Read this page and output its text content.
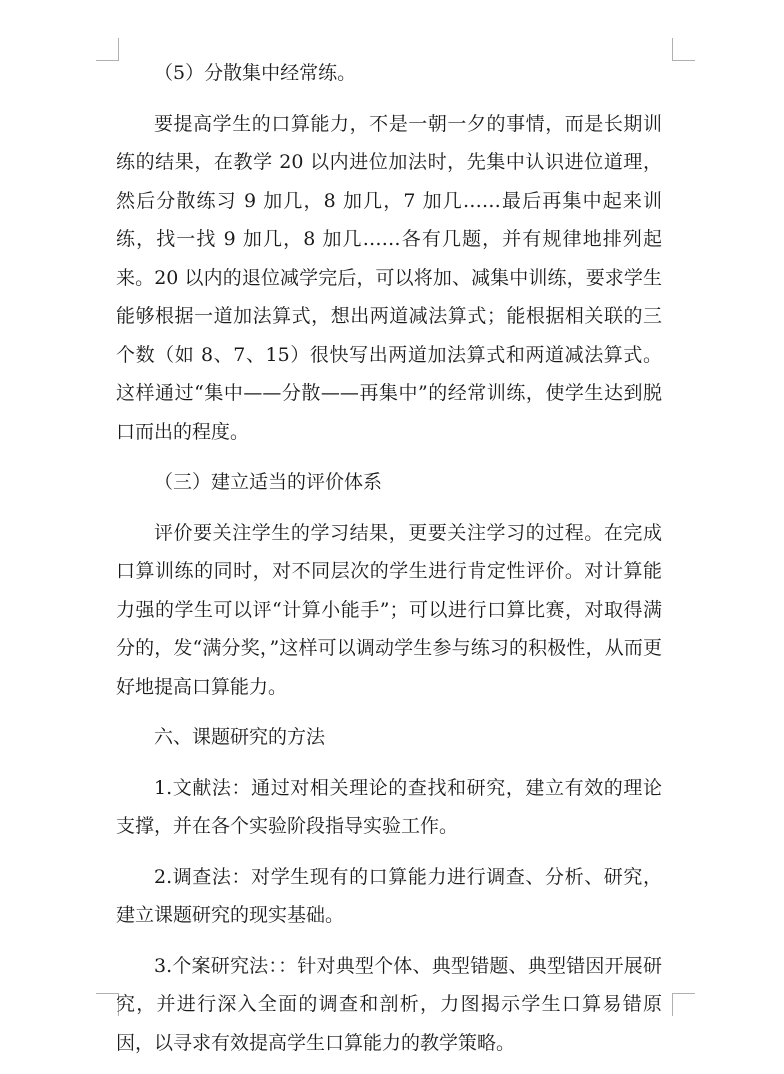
（5）分散集中经常练。

要提高学生的口算能力，不是一朝一夕的事情，而是长期训练的结果，在教学 20 以内进位加法时，先集中认识进位道理，然后分散练习 9 加几，8 加几，7 加几……最后再集中起来训练，找一找 9 加几，8 加几……各有几题，并有规律地排列起来。20 以内的退位减学完后，可以将加、减集中训练，要求学生能够根据一道加法算式，想出两道减法算式；能根据相关联的三个数（如 8、7、15）很快写出两道加法算式和两道减法算式。这样通过“集中——分散——再集中”的经常训练，使学生达到脱口而出的程度。

（三）建立适当的评价体系

评价要关注学生的学习结果，更要关注学习的过程。在完成口算训练的同时，对不同层次的学生进行肯定性评价。对计算能力强的学生可以评“计算小能手”；可以进行口算比赛，对取得满分的，发“满分奖，”这样可以调动学生参与练习的积极性，从而更好地提高口算能力。

六、课题研究的方法

1.文献法：通过对相关理论的查找和研究，建立有效的理论支撑，并在各个实验阶段指导实验工作。

2.调查法：对学生现有的口算能力进行调查、分析、研究，建立课题研究的现实基础。

3.个案研究法：：针对典型个体、典型错题、典型错因开展研究，并进行深入全面的调查和剖析，力图揭示学生口算易错原因，以寻求有效提高学生口算能力的教学策略。
